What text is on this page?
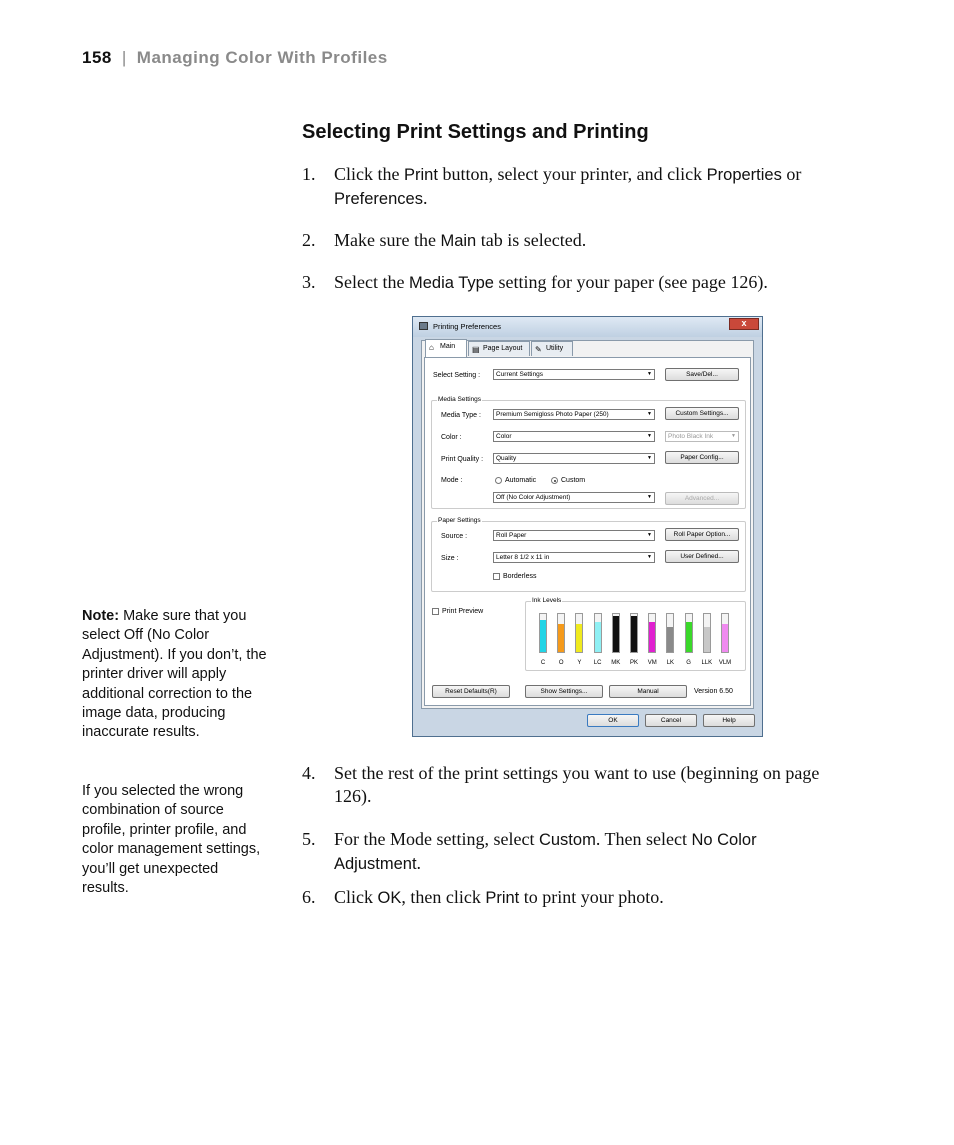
158 | Managing Color With Profiles
Selecting Print Settings and Printing
1. Click the Print button, select your printer, and click Properties or Preferences.
2. Make sure the Main tab is selected.
3. Select the Media Type setting for your paper (see page 126).
Printing Preferences	x
⌂ Main	▤ Page Layout	✎ Utility
Select Setting :	Current Settings ▼	Save/Del...
Media Settings
Media Type :	Premium Semigloss Photo Paper (250) ▼	Custom Settings...
Color :	Color ▼	Photo Black Ink ▼
Print Quality :	Quality ▼	Paper Config...
Mode :	Automatic	Custom
Off (No Color Adjustment) ▼	Advanced...
Paper Settings
Source :	Roll Paper ▼	Roll Paper Option...
Size :	Letter 8 1/2 x 11 in ▼	User Defined...
Borderless
Print Preview
Ink Levels
Reset Defaults(R)	Show Settings...	Manual	Version 6.50
OK	Cancel	Help
C	O	Y	LC	MK	PK	VM	LK	G	LLK	VLM
4. Set the rest of the print settings you want to use (beginning on page 126).
5. For the Mode setting, select Custom. Then select No Color Adjustment.
6. Click OK, then click Print to print your photo.
Note: Make sure that you select Off (No Color Adjustment). If you don’t, the printer driver will apply additional correction to the image data, producing inaccurate results.
If you selected the wrong combination of source profile, printer profile, and color management settings, you’ll get unexpected results.
